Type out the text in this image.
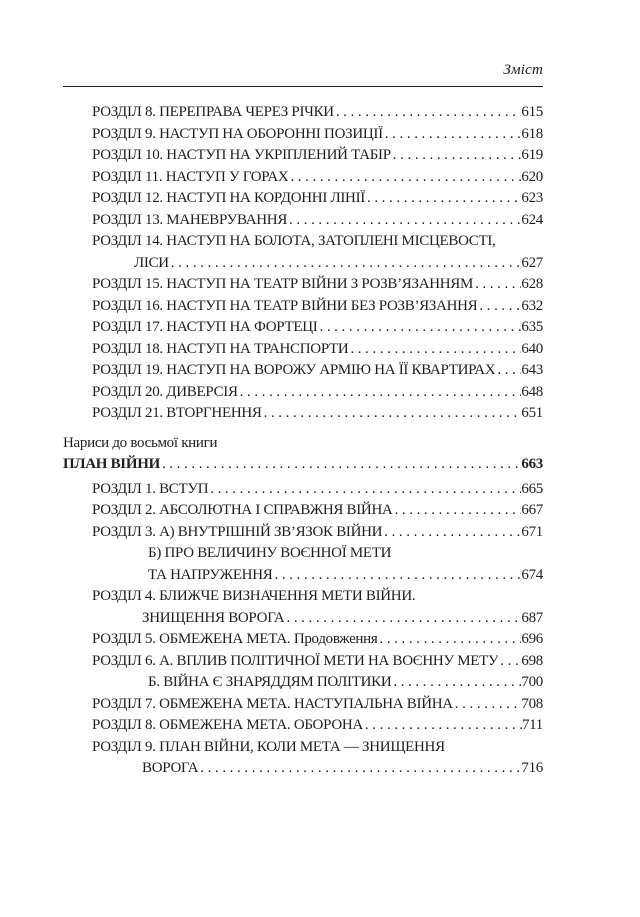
Зміст
РОЗДІЛ 8. ПЕРЕПРАВА ЧЕРЕЗ РІЧКИ .....	615
РОЗДІЛ 9. НАСТУП НА ОБОРОННІ ПОЗИЦІЇ .....	618
РОЗДІЛ 10. НАСТУП НА УКРІПЛЕНИЙ ТАБІР .....	619
РОЗДІЛ 11. НАСТУП У ГОРАХ .....	620
РОЗДІЛ 12. НАСТУП НА КОРДОННІ ЛІНІЇ .....	623
РОЗДІЛ 13. МАНЕВРУВАННЯ .....	624
РОЗДІЛ 14. НАСТУП НА БОЛОТА, ЗАТОПЛЕНІ МІСЦЕВОСТІ,
ЛІСИ .....	627
РОЗДІЛ 15. НАСТУП НА ТЕАТР ВІЙНИ З РОЗВ’ЯЗАННЯМ .....	628
РОЗДІЛ 16. НАСТУП НА ТЕАТР ВІЙНИ БЕЗ РОЗВ’ЯЗАННЯ .....	632
РОЗДІЛ 17. НАСТУП НА ФОРТЕЦІ .....	635
РОЗДІЛ 18. НАСТУП НА ТРАНСПОРТИ .....	640
РОЗДІЛ 19. НАСТУП НА ВОРОЖУ АРМІЮ НА ЇЇ КВАРТИРАХ ..... 643
РОЗДІЛ 20. ДИВЕРСІЯ .....	648
РОЗДІЛ 21. ВТОРГНЕННЯ .....	651
Нариси до восьмої книги
ПЛАН ВІЙНИ .....	663
РОЗДІЛ 1. ВСТУП .....	665
РОЗДІЛ 2. АБСОЛЮТНА І СПРАВЖНЯ ВІЙНА .....	667
РОЗДІЛ 3. А) ВНУТРІШНІЙ ЗВ’ЯЗОК ВІЙНИ .....	671
Б) ПРО ВЕЛИЧИНУ ВОЄННОЇ МЕТИ
ТА НАПРУЖЕННЯ .....	674
РОЗДІЛ 4. БЛИЖЧЕ ВИЗНАЧЕННЯ МЕТИ ВІЙНИ.
ЗНИЩЕННЯ ВОРОГА .....	687
РОЗДІЛ 5. ОБМЕЖЕНА МЕТА. Продовження .....	696
РОЗДІЛ 6. А. ВПЛИВ ПОЛІТИЧНОЇ МЕТИ НА ВОЄННУ МЕТУ ..... 698
Б. ВІЙНА Є ЗНАРЯДДЯМ ПОЛІТИКИ .....	700
РОЗДІЛ 7. ОБМЕЖЕНА МЕТА. НАСТУПАЛЬНА ВІЙНА .....	708
РОЗДІЛ 8. ОБМЕЖЕНА МЕТА. ОБОРОНА .....	711
РОЗДІЛ 9. ПЛАН ВІЙНИ, КОЛИ МЕТА — ЗНИЩЕННЯ
ВОРОГА .....	716
